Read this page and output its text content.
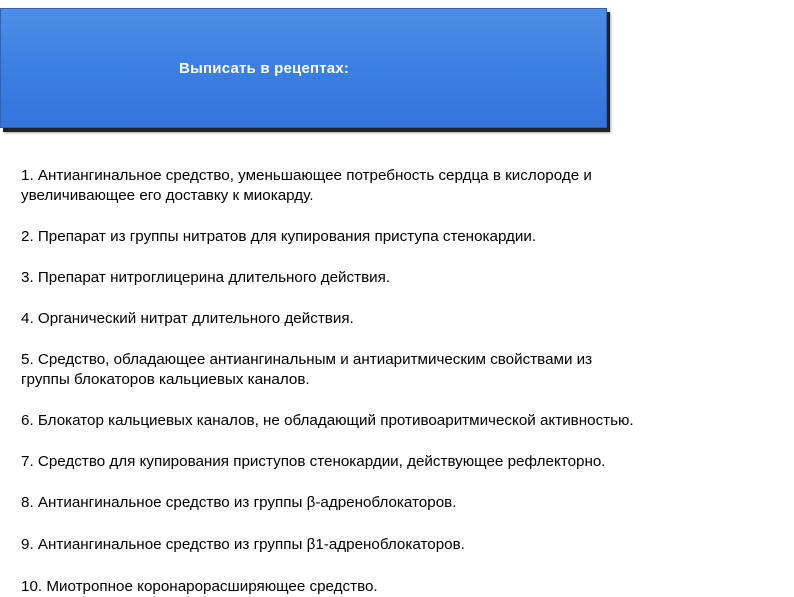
Выписать в рецептах:

1. Антиангинальное средство, уменьшающее потребность сердца в кислороде и
увеличивающее его доставку к миокарду.

2. Препарат из группы нитратов для купирования приступа стенокардии.

3. Препарат нитроглицерина длительного действия.

4. Органический нитрат длительного действия.

5. Средство, обладающее антиангинальным и антиаритмическим свойствами из
группы блокаторов кальциевых каналов.

6. Блокатор кальциевых каналов, не обладающий противоаритмической активностью.

7. Средство для купирования приступов стенокардии, действующее рефлекторно.

8. Антиангинальное средство из группы β-адреноблокаторов.

9. Антиангинальное средство из группы β1-адреноблокаторов.

10. Миотропное коронарорасширяющее средство.
